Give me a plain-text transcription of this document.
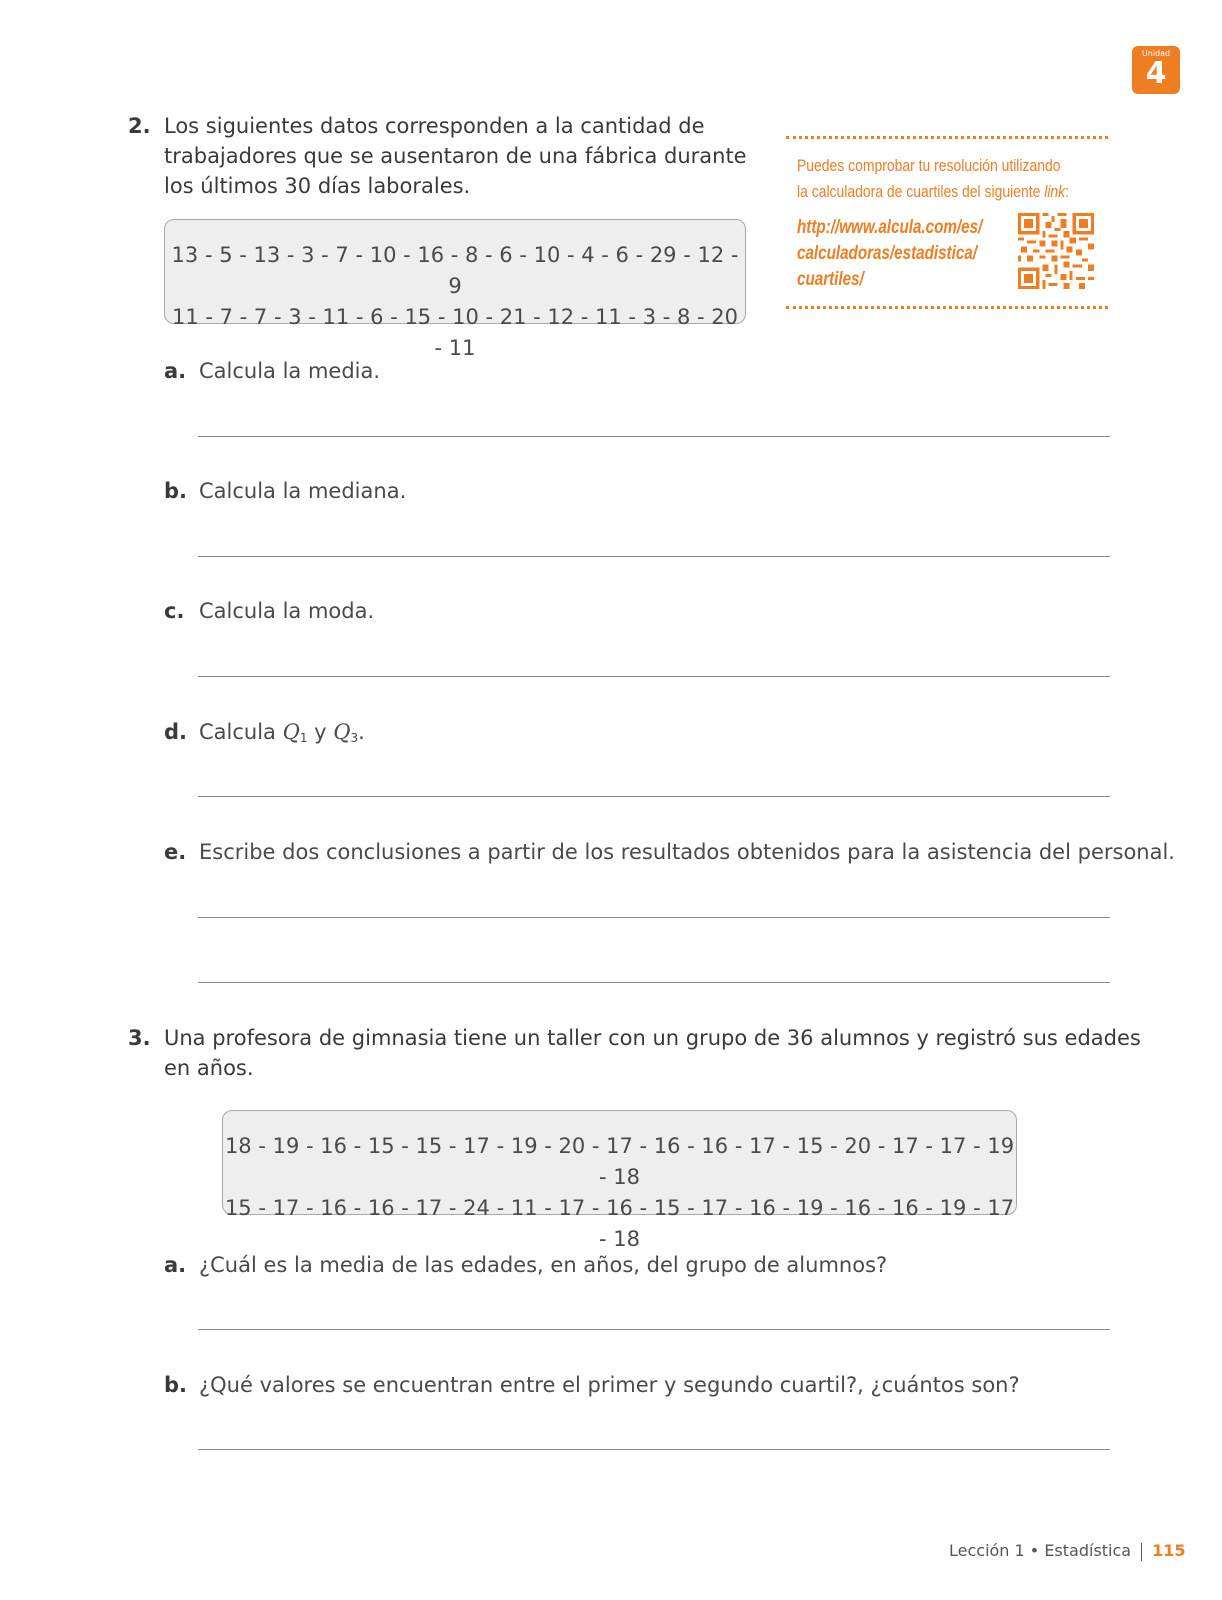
Unidad
4
2. Los siguientes datos corresponden a la cantidad de
trabajadores que se ausentaron de una fábrica durante
los últimos 30 días laborales.
13 - 5 - 13 - 3 - 7 - 10 - 16 - 8 - 6 - 10 - 4 - 6 - 29 - 12 - 9
11 - 7 - 7 - 3 - 11 - 6 - 15 - 10 - 21 - 12 - 11 - 3 - 8 - 20 - 11
Puedes comprobar tu resolución utilizando
la calculadora de cuartiles del siguiente link:
http://www.alcula.com/es/
calculadoras/estadistica/
cuartiles/
a. Calcula la media.
b. Calcula la mediana.
c. Calcula la moda.
d. Calcula $Q_1$ y $Q_3$.
e. Escribe dos conclusiones a partir de los resultados obtenidos para la asistencia del personal.
3. Una profesora de gimnasia tiene un taller con un grupo de 36 alumnos y registró sus edades
en años.
18 - 19 - 16 - 15 - 15 - 17 - 19 - 20 - 17 - 16 - 16 - 17 - 15 - 20 - 17 - 17 - 19 - 18
15 - 17 - 16 - 16 - 17 - 24 - 11 - 17 - 16 - 15 - 17 - 16 - 19 - 16 - 16 - 19 - 17 - 18
a. ¿Cuál es la media de las edades, en años, del grupo de alumnos?
b. ¿Qué valores se encuentran entre el primer y segundo cuartil?, ¿cuántos son?
Lección 1 • Estadística 115
